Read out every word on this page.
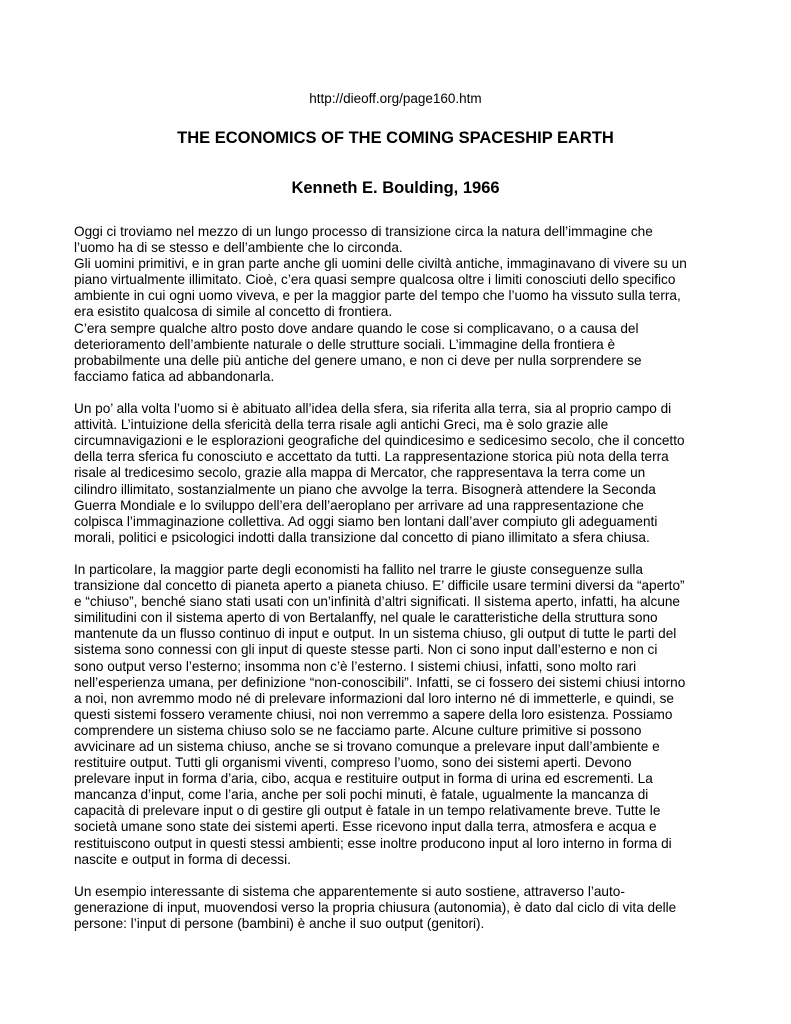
http://dieoff.org/page160.htm
THE ECONOMICS OF THE COMING SPACESHIP EARTH
Kenneth E. Boulding, 1966

Oggi ci troviamo nel mezzo di un lungo processo di transizione circa la natura dell’immagine che
l’uomo ha di se stesso e dell’ambiente che lo circonda.
Gli uomini primitivi, e in gran parte anche gli uomini delle civiltà antiche, immaginavano di vivere su un
piano virtualmente illimitato. Cioè, c’era quasi sempre qualcosa oltre i limiti conosciuti dello specifico
ambiente in cui ogni uomo viveva, e per la maggior parte del tempo che l’uomo ha vissuto sulla terra,
era esistito qualcosa di simile al concetto di frontiera.
C’era sempre qualche altro posto dove andare quando le cose si complicavano, o a causa del
deterioramento dell’ambiente naturale o delle strutture sociali. L’immagine della frontiera è
probabilmente una delle più antiche del genere umano, e non ci deve per nulla sorprendere se
facciamo fatica ad abbandonarla.

Un po’ alla volta l’uomo si è abituato all’idea della sfera, sia riferita alla terra, sia al proprio campo di
attività. L’intuizione della sfericità della terra risale agli antichi Greci, ma è solo grazie alle
circumnavigazioni e le esplorazioni geografiche del quindicesimo e sedicesimo secolo, che il concetto
della terra sferica fu conosciuto e accettato da tutti. La rappresentazione storica più nota della terra
risale al tredicesimo secolo, grazie alla mappa di Mercator, che rappresentava la terra come un
cilindro illimitato, sostanzialmente un piano che avvolge la terra. Bisognerà attendere la Seconda
Guerra Mondiale e lo sviluppo dell’era dell’aeroplano per arrivare ad una rappresentazione che
colpisca l’immaginazione collettiva. Ad oggi siamo ben lontani dall’aver compiuto gli adeguamenti
morali, politici e psicologici indotti dalla transizione dal concetto di piano illimitato a sfera chiusa.

In particolare, la maggior parte degli economisti ha fallito nel trarre le giuste conseguenze sulla
transizione dal concetto di pianeta aperto a pianeta chiuso. E’ difficile usare termini diversi da “aperto”
e “chiuso”, benché siano stati usati con un’infinità d’altri significati. Il sistema aperto, infatti, ha alcune
similitudini con il sistema aperto di von Bertalanffy, nel quale le caratteristiche della struttura sono
mantenute da un flusso continuo di input e output. In un sistema chiuso, gli output di tutte le parti del
sistema sono connessi con gli input di queste stesse parti. Non ci sono input dall’esterno e non ci
sono output verso l’esterno; insomma non c’è l’esterno. I sistemi chiusi, infatti, sono molto rari
nell’esperienza umana, per definizione “non-conoscibili”. Infatti, se ci fossero dei sistemi chiusi intorno
a noi, non avremmo modo né di prelevare informazioni dal loro interno né di immetterle, e quindi, se
questi sistemi fossero veramente chiusi, noi non verremmo a sapere della loro esistenza. Possiamo
comprendere un sistema chiuso solo se ne facciamo parte. Alcune culture primitive si possono
avvicinare ad un sistema chiuso, anche se si trovano comunque a prelevare input dall’ambiente e
restituire output. Tutti gli organismi viventi, compreso l’uomo, sono dei sistemi aperti. Devono
prelevare input in forma d’aria, cibo, acqua e restituire output in forma di urina ed escrementi. La
mancanza d’input, come l’aria, anche per soli pochi minuti, è fatale, ugualmente la mancanza di
capacità di prelevare input o di gestire gli output è fatale in un tempo relativamente breve. Tutte le
società umane sono state dei sistemi aperti. Esse ricevono input dalla terra, atmosfera e acqua e
restituiscono output in questi stessi ambienti; esse inoltre producono input al loro interno in forma di
nascite e output in forma di decessi.

Un esempio interessante di sistema che apparentemente si auto sostiene, attraverso l’auto-
generazione di input, muovendosi verso la propria chiusura (autonomia), è dato dal ciclo di vita delle
persone: l’input di persone (bambini) è anche il suo output (genitori).
